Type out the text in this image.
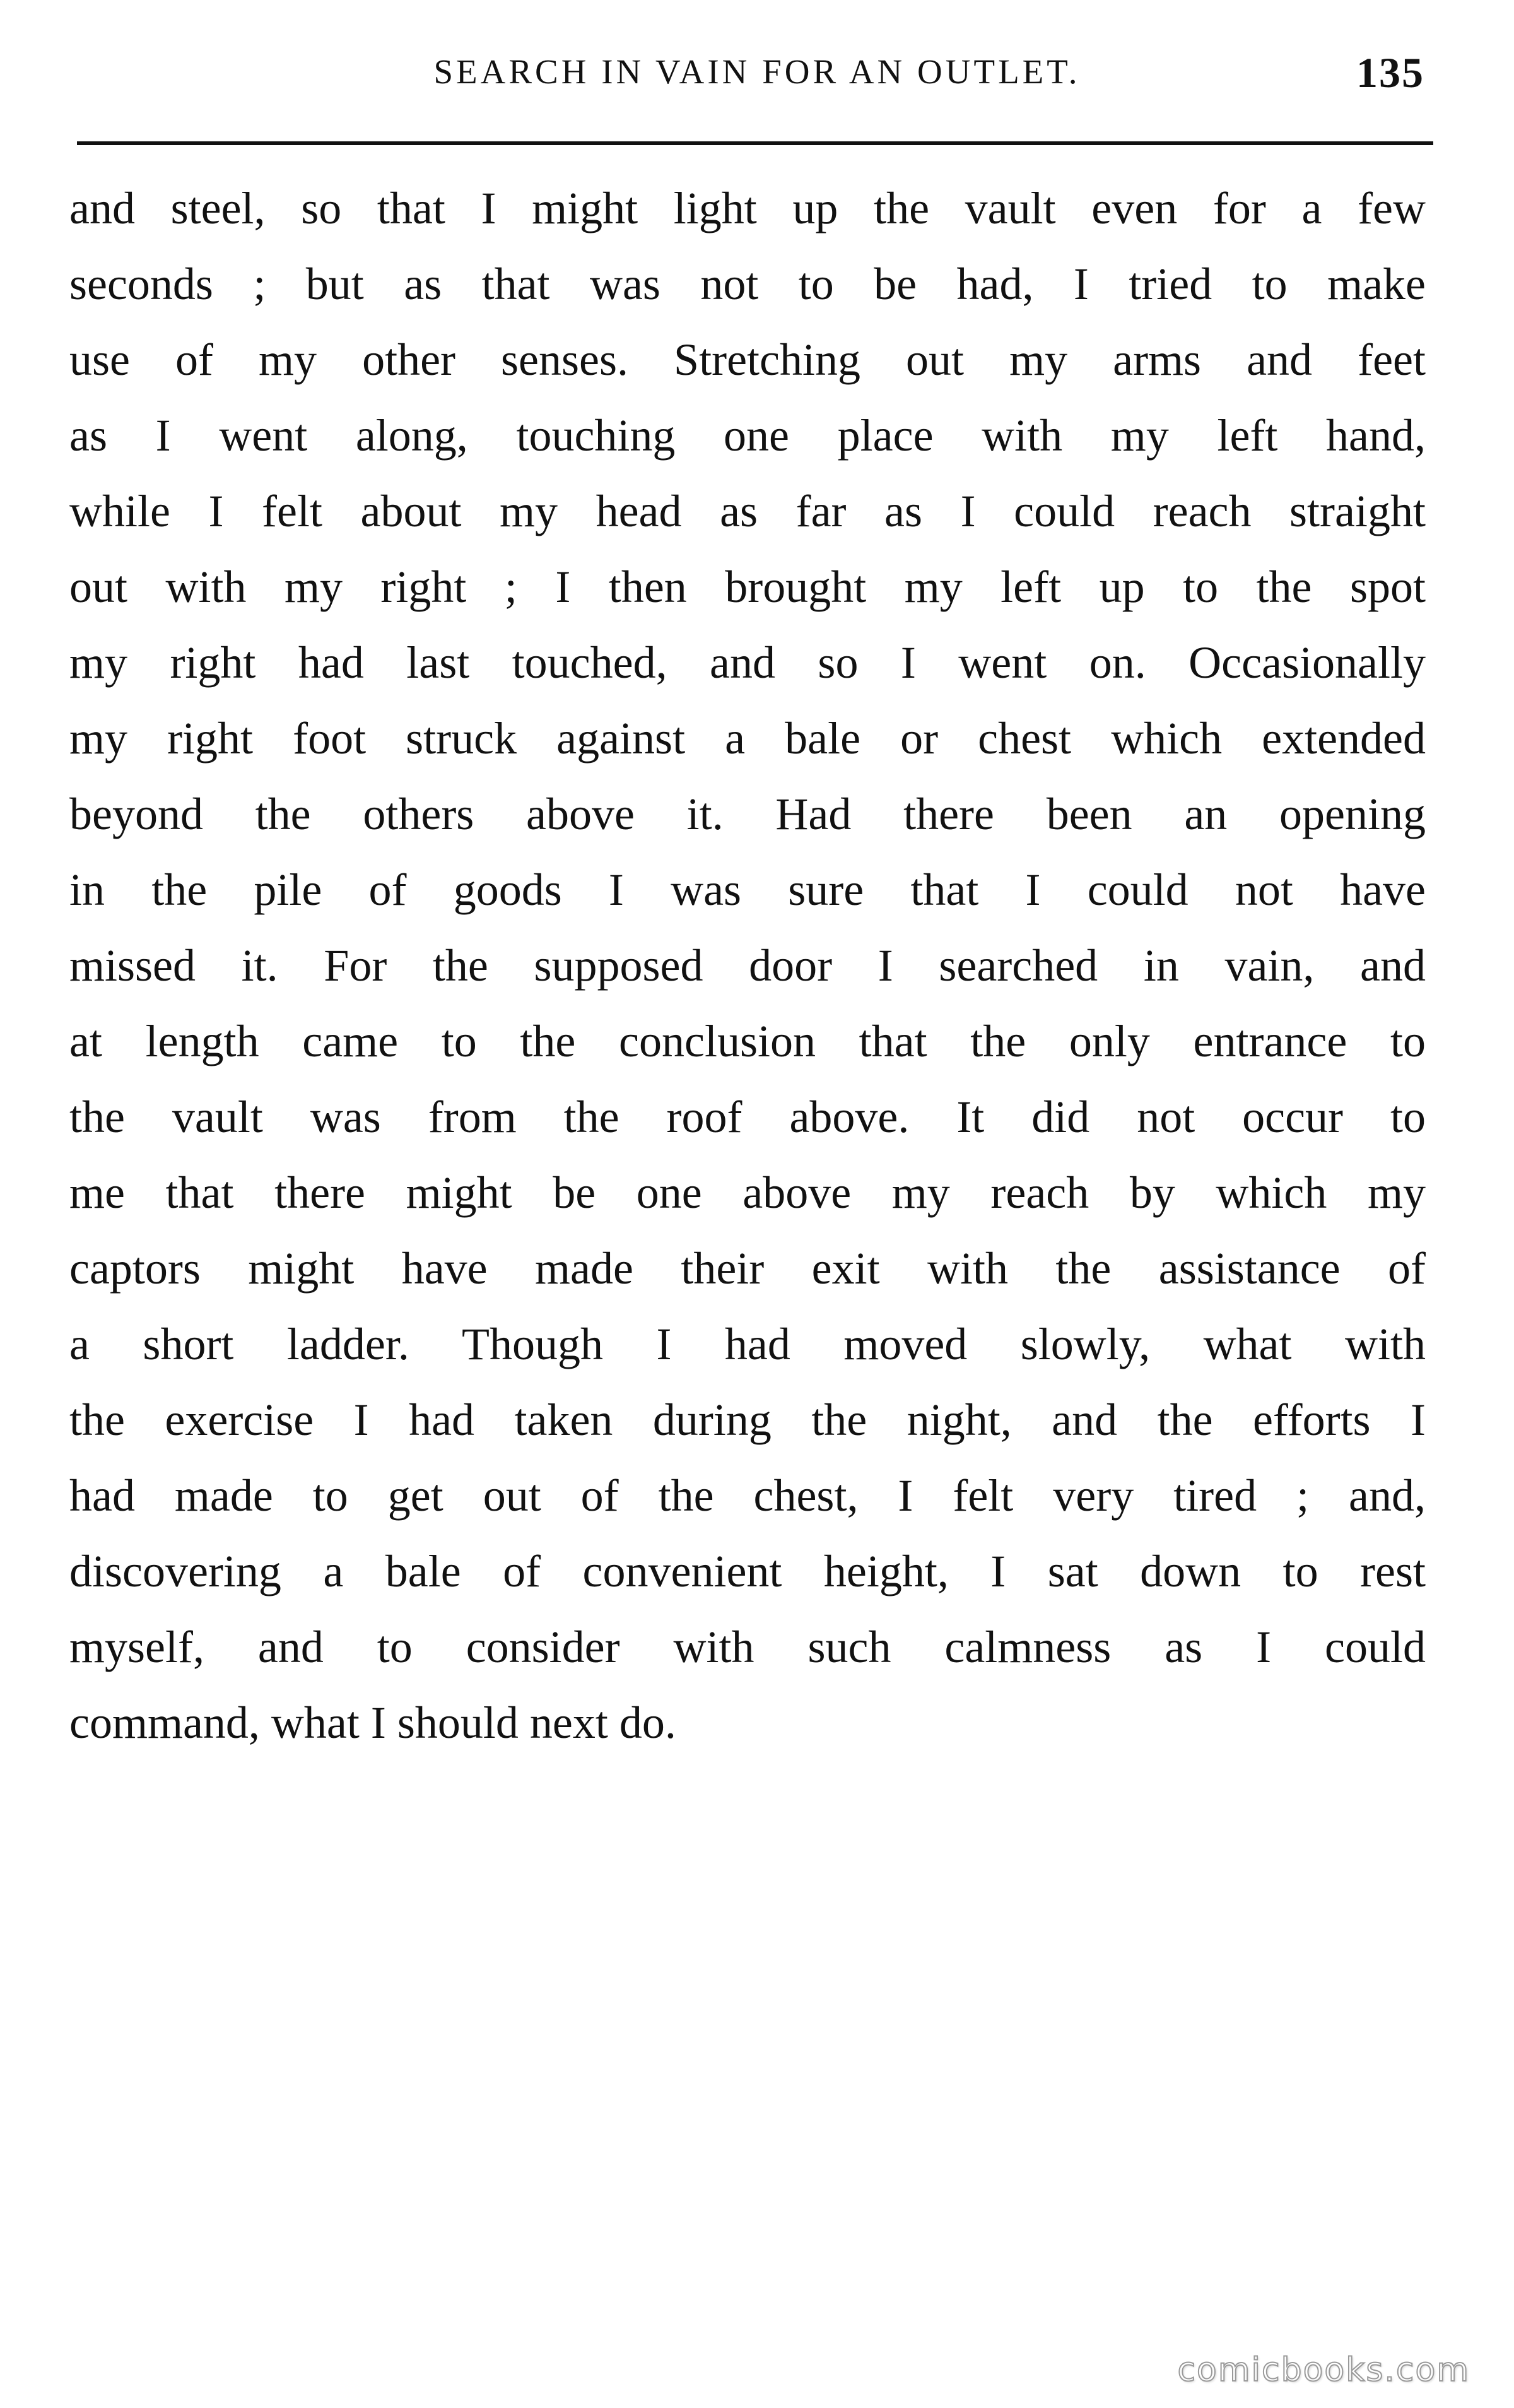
SEARCH IN VAIN FOR AN OUTLET.	135
and steel, so that I might light up the vault even for a few
seconds ; but as that was not to be had, I tried to make
use of my other senses. Stretching out my arms and feet
as I went along, touching one place with my left hand,
while I felt about my head as far as I could reach straight
out with my right ; I then brought my left up to the spot
my right had last touched, and so I went on. Occasionally
my right foot struck against a bale or chest which extended
beyond the others above it. Had there been an opening
in the pile of goods I was sure that I could not have
missed it. For the supposed door I searched in vain, and
at length came to the conclusion that the only entrance to
the vault was from the roof above. It did not occur to
me that there might be one above my reach by which my
captors might have made their exit with the assistance of
a short ladder. Though I had moved slowly, what with
the exercise I had taken during the night, and the efforts I
had made to get out of the chest, I felt very tired ; and,
discovering a bale of convenient height, I sat down to rest
myself, and to consider with such calmness as I could
command, what I should next do.
comicbooks.com
